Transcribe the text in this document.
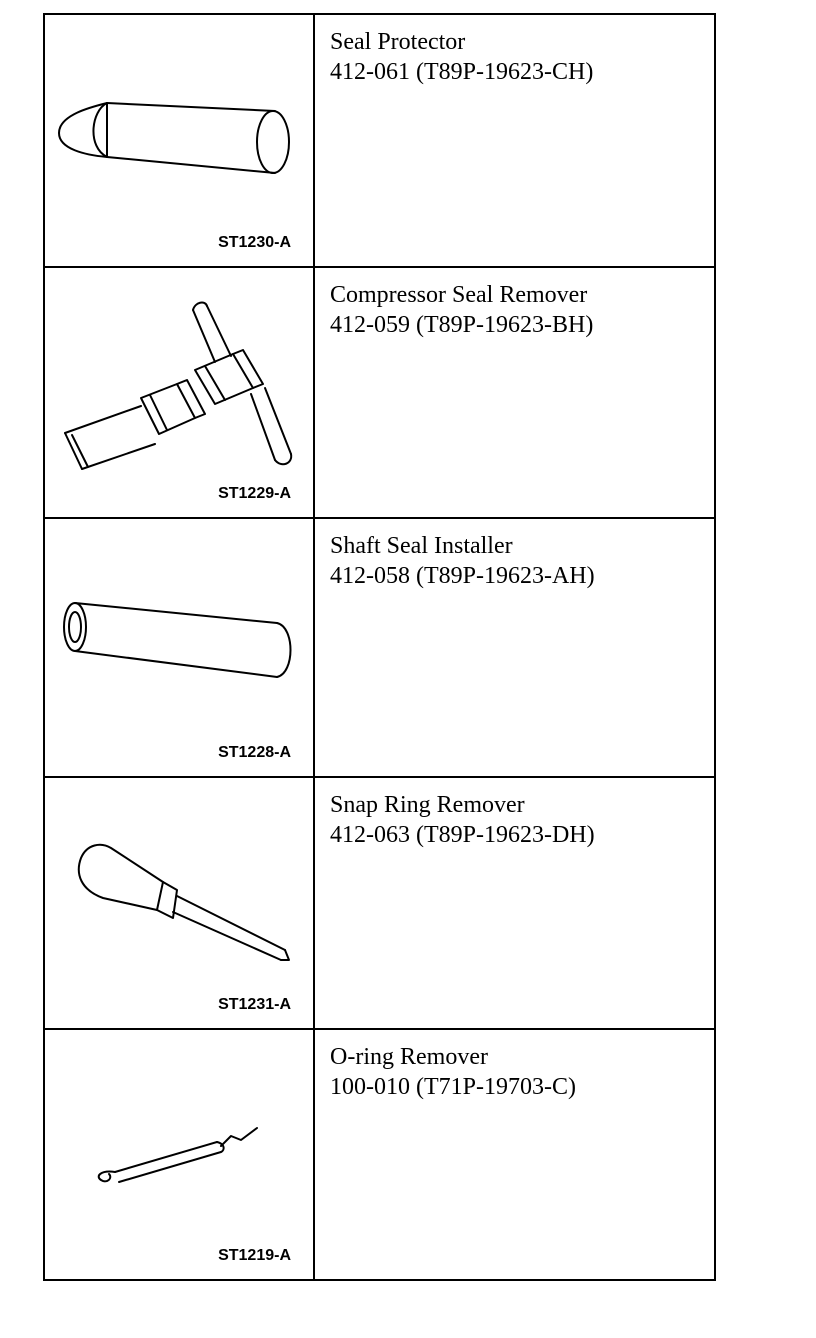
ST1230-A
Seal Protector
412-061 (T89P-19623-CH)
ST1229-A
Compressor Seal Remover
412-059 (T89P-19623-BH)
ST1228-A
Shaft Seal Installer
412-058 (T89P-19623-AH)
ST1231-A
Snap Ring Remover
412-063 (T89P-19623-DH)
ST1219-A
O-ring Remover
100-010 (T71P-19703-C)
